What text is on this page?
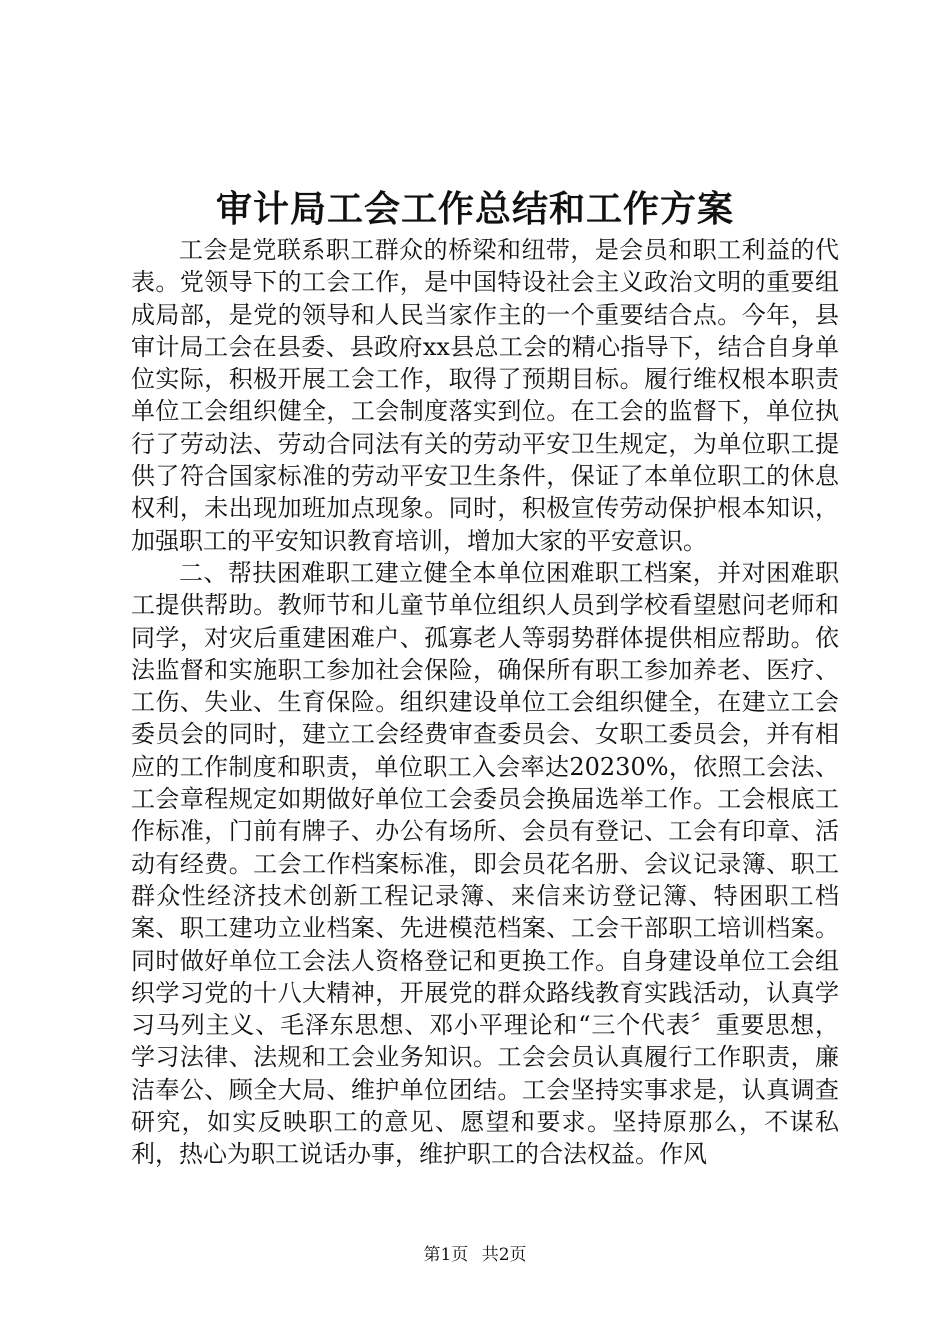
审计局工会工作总结和工作方案

工会是党联系职工群众的桥梁和纽带，是会员和职工利益的代表。党领导下的工会工作，是中国特设社会主义政治文明的重要组成局部，是党的领导和人民当家作主的一个重要结合点。今年，县审计局工会在县委、县政府xx县总工会的精心指导下，结合自身单位实际，积极开展工会工作，取得了预期目标。履行维权根本职责单位工会组织健全，工会制度落实到位。在工会的监督下，单位执行了劳动法、劳动合同法有关的劳动平安卫生规定，为单位职工提供了符合国家标准的劳动平安卫生条件，保证了本单位职工的休息权利，未出现加班加点现象。同时，积极宣传劳动保护根本知识，加强职工的平安知识教育培训，增加大家的平安意识。

二、帮扶困难职工建立健全本单位困难职工档案，并对困难职工提供帮助。教师节和儿童节单位组织人员到学校看望慰问老师和同学，对灾后重建困难户、孤寡老人等弱势群体提供相应帮助。依法监督和实施职工参加社会保险，确保所有职工参加养老、医疗、工伤、失业、生育保险。组织建设单位工会组织健全，在建立工会委员会的同时，建立工会经费审查委员会、女职工委员会，并有相应的工作制度和职责，单位职工入会率达20230%，依照工会法、工会章程规定如期做好单位工会委员会换届选举工作。工会根底工作标准，门前有牌子、办公有场所、会员有登记、工会有印章、活动有经费。工会工作档案标准，即会员花名册、会议记录簿、职工群众性经济技术创新工程记录簿、来信来访登记簿、特困职工档案、职工建功立业档案、先进模范档案、工会干部职工培训档案。同时做好单位工会法人资格登记和更换工作。自身建设单位工会组织学习党的十八大精神，开展党的群众路线教育实践活动，认真学习马列主义、毛泽东思想、邓小平理论和“三个代表〞重要思想，学习法律、法规和工会业务知识。工会会员认真履行工作职责，廉洁奉公、顾全大局、维护单位团结。工会坚持实事求是，认真调查研究，如实反映职工的意见、愿望和要求。坚持原那么，不谋私利，热心为职工说话办事，维护职工的合法权益。作风

第1页 共2页
